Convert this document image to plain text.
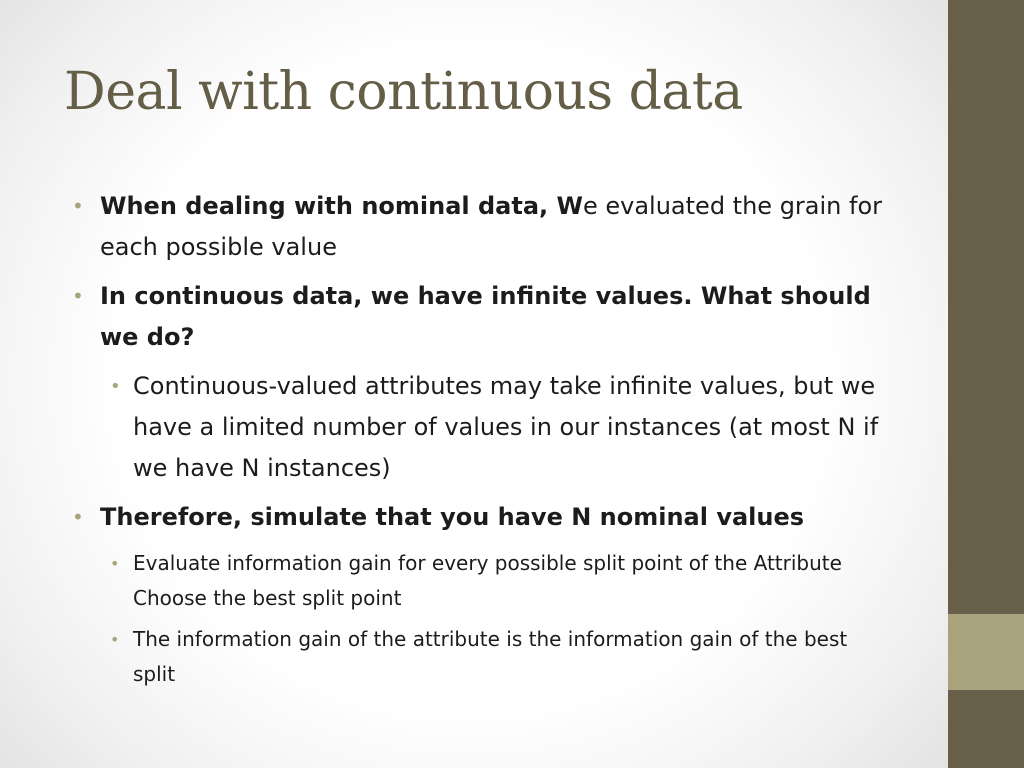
Deal with continuous data

• When dealing with nominal data, We evaluated the grain for each possible value

• In continuous data, we have infinite values. What should we do?

• Continuous-valued attributes may take infinite values, but we have a limited number of values in our instances (at most N if we have N instances)

• Therefore, simulate that you have N nominal values

• Evaluate information gain for every possible split point of the Attribute Choose the best split point

• The information gain of the attribute is the information gain of the best split
